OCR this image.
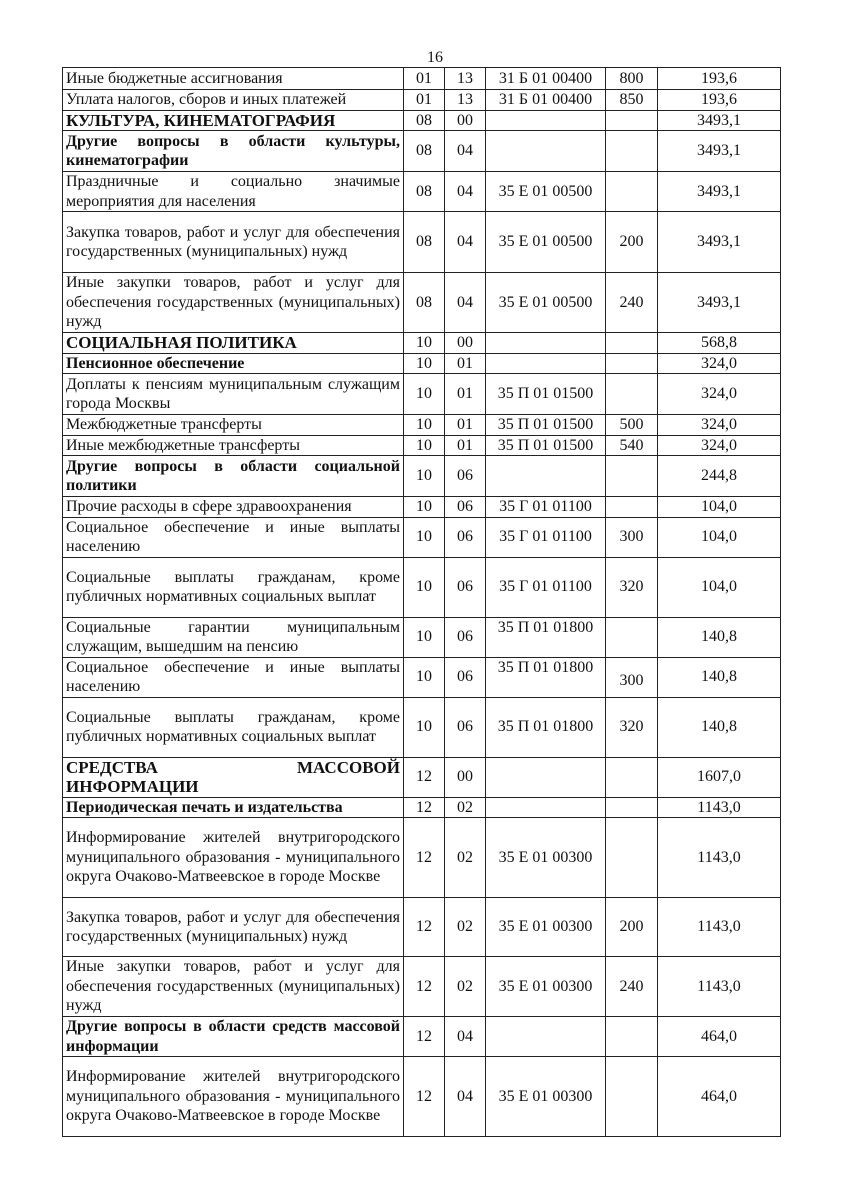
16
Иные бюджетные ассигнования	01	13	31 Б 01 00400	800	193,6
Уплата налогов, сборов и иных платежей	01	13	31 Б 01 00400	850	193,6
КУЛЬТУРА, КИНЕМАТОГРАФИЯ	08	00			3493,1
Другие вопросы в области культуры, кинематографии	08	04			3493,1
Праздничные и социально значимые мероприятия для населения	08	04	35 Е 01 00500		3493,1
Закупка товаров, работ и услуг для обеспечения государственных (муниципальных) нужд	08	04	35 Е 01 00500	200	3493,1
Иные закупки товаров, работ и услуг для обеспечения государственных (муниципальных) нужд	08	04	35 Е 01 00500	240	3493,1
СОЦИАЛЬНАЯ ПОЛИТИКА	10	00			568,8
Пенсионное обеспечение	10	01			324,0
Доплаты к пенсиям муниципальным служащим города Москвы	10	01	35 П 01 01500		324,0
Межбюджетные трансферты	10	01	35 П 01 01500	500	324,0
Иные межбюджетные трансферты	10	01	35 П 01 01500	540	324,0
Другие вопросы в области социальной политики	10	06			244,8
Прочие расходы в сфере здравоохранения	10	06	35 Г 01 01100		104,0
Социальное обеспечение и иные выплаты населению	10	06	35 Г 01 01100	300	104,0
Социальные выплаты гражданам, кроме публичных нормативных социальных выплат	10	06	35 Г 01 01100	320	104,0
Социальные гарантии муниципальным служащим, вышедшим на пенсию	10	06	35 П 01 01800		140,8
Социальное обеспечение и иные выплаты населению	10	06	35 П 01 01800	300	140,8
Социальные выплаты гражданам, кроме публичных нормативных социальных выплат	10	06	35 П 01 01800	320	140,8
СРЕДСТВА МАССОВОЙ ИНФОРМАЦИИ	12	00			1607,0
Периодическая печать и издательства	12	02			1143,0
Информирование жителей внутригородского муниципального образования - муниципального округа Очаково-Матвеевское в городе Москве	12	02	35 Е 01 00300		1143,0
Закупка товаров, работ и услуг для обеспечения государственных (муниципальных) нужд	12	02	35 Е 01 00300	200	1143,0
Иные закупки товаров, работ и услуг для обеспечения государственных (муниципальных) нужд	12	02	35 Е 01 00300	240	1143,0
Другие вопросы в области средств массовой информации	12	04			464,0
Информирование жителей внутригородского муниципального образования - муниципального округа Очаково-Матвеевское в городе Москве	12	04	35 Е 01 00300		464,0
